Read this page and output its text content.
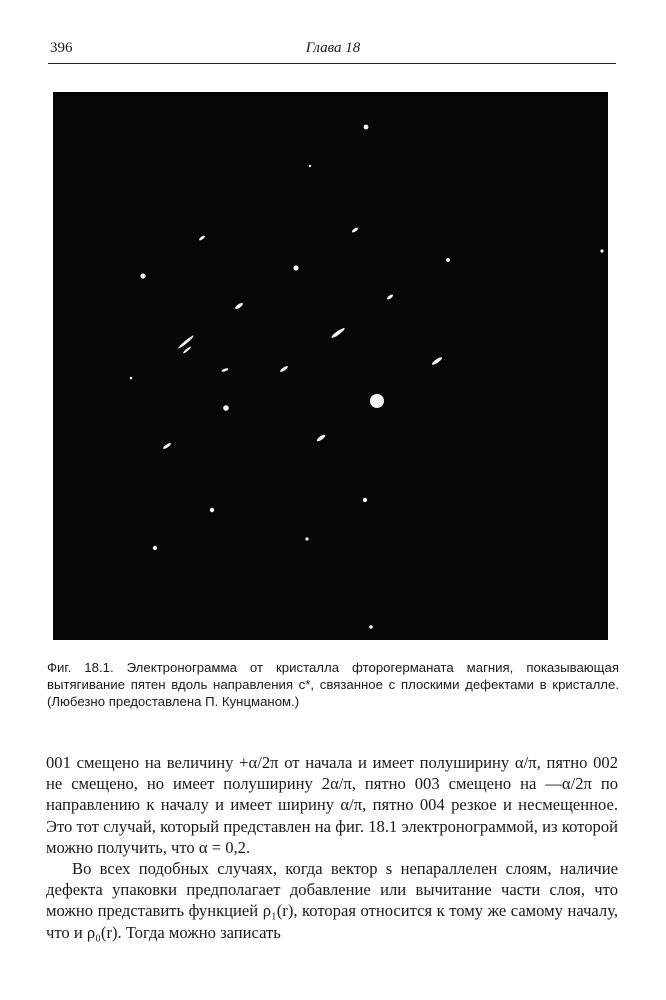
396	Глава 18
Фиг. 18.1. Электронограмма от кристалла фторогерманата магния, показывающая вытягивание пятен вдоль направления c*, связанное с плоскими дефектами в кристалле. (Любезно предоставлена П. Кунцманом.)

001 смещено на величину +α/2π от начала и имеет полуширину α/π, пятно 002 не смещено, но имеет полуширину 2α/π, пятно 003 смещено на —α/2π по направлению к началу и имеет ширину α/π, пятно 004 резкое и несмещенное. Это тот случай, который представлен на фиг. 18.1 электронограммой, из которой можно получить, что α = 0,2.

Во всех подобных случаях, когда вектор s непараллелен слоям, наличие дефекта упаковки предполагает добавление или вычитание части слоя, что можно представить функцией ρ₁(r), которая относится к тому же самому началу, что и ρ₀(r). Тогда можно записать
